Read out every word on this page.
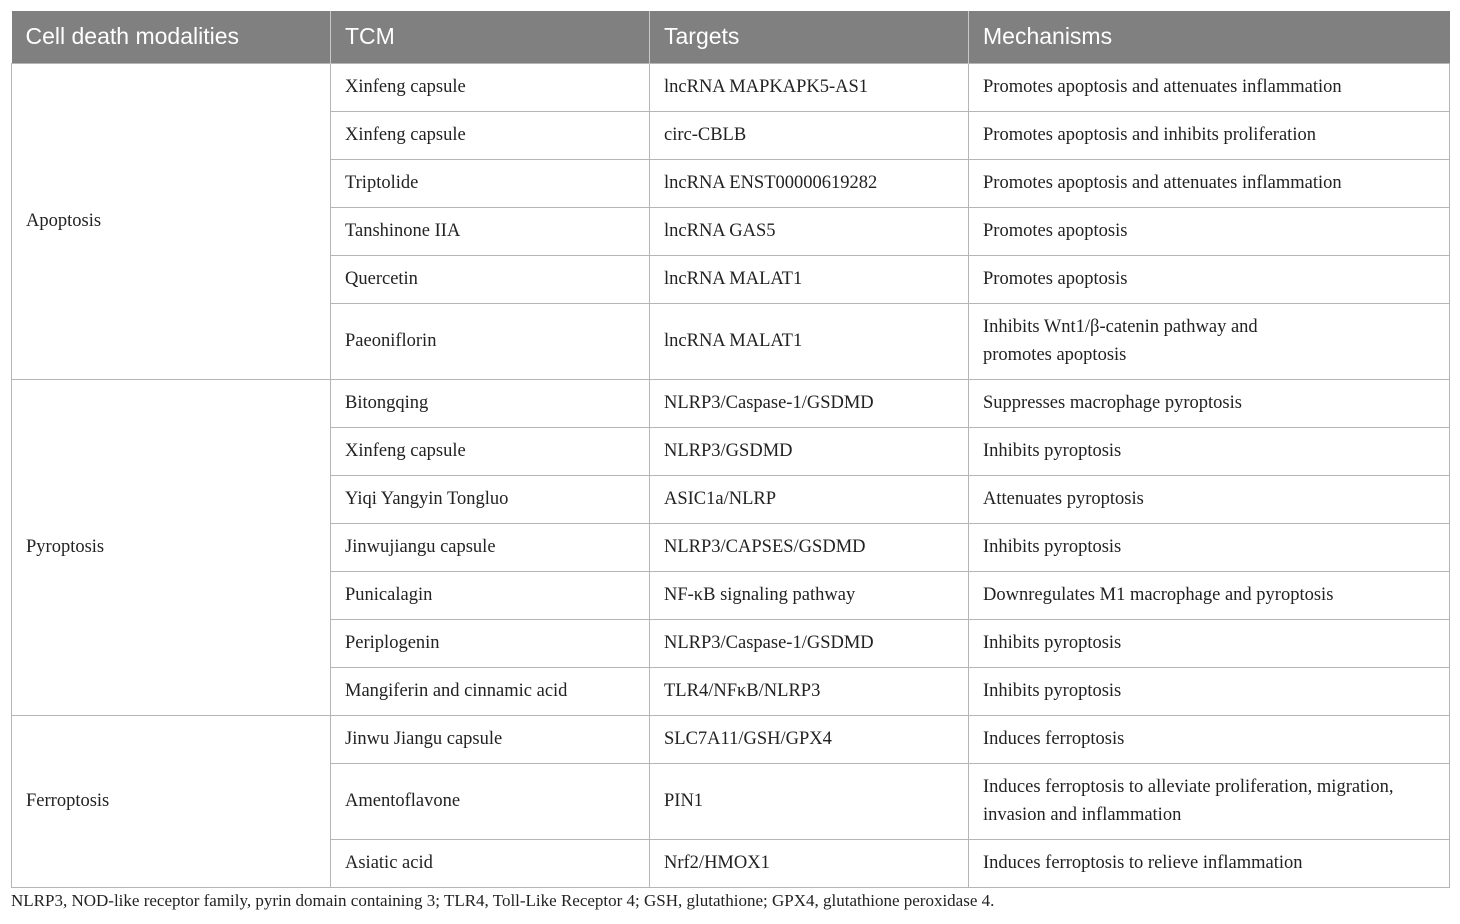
Cell death modalities	TCM	Targets	Mechanisms
Apoptosis	Xinfeng capsule	lncRNA MAPKAPK5-AS1	Promotes apoptosis and attenuates inflammation
	Xinfeng capsule	circ-CBLB	Promotes apoptosis and inhibits proliferation
	Triptolide	lncRNA ENST00000619282	Promotes apoptosis and attenuates inflammation
	Tanshinone IIA	lncRNA GAS5	Promotes apoptosis
	Quercetin	lncRNA MALAT1	Promotes apoptosis
	Paeoniflorin	lncRNA MALAT1	Inhibits Wnt1/β-catenin pathway and
promotes apoptosis

Pyroptosis	Bitongqing	NLRP3/Caspase-1/GSDMD	Suppresses macrophage pyroptosis
	Xinfeng capsule	NLRP3/GSDMD	Inhibits pyroptosis
	Yiqi Yangyin Tongluo	ASIC1a/NLRP	Attenuates pyroptosis
	Jinwujiangu capsule	NLRP3/CAPSES/GSDMD	Inhibits pyroptosis
	Punicalagin	NF-κB signaling pathway	Downregulates M1 macrophage and pyroptosis
	Periplogenin	NLRP3/Caspase-1/GSDMD	Inhibits pyroptosis
	Mangiferin and cinnamic acid	TLR4/NFκB/NLRP3	Inhibits pyroptosis
Ferroptosis	Jinwu Jiangu capsule	SLC7A11/GSH/GPX4	Induces ferroptosis
	Amentoflavone	PIN1	Induces ferroptosis to alleviate proliferation, migration,
invasion and inflammation

	Asiatic acid	Nrf2/HMOX1	Induces ferroptosis to relieve inflammation
NLRP3, NOD-like receptor family, pyrin domain containing 3; TLR4, Toll-Like Receptor 4; GSH, glutathione; GPX4, glutathione peroxidase 4.
